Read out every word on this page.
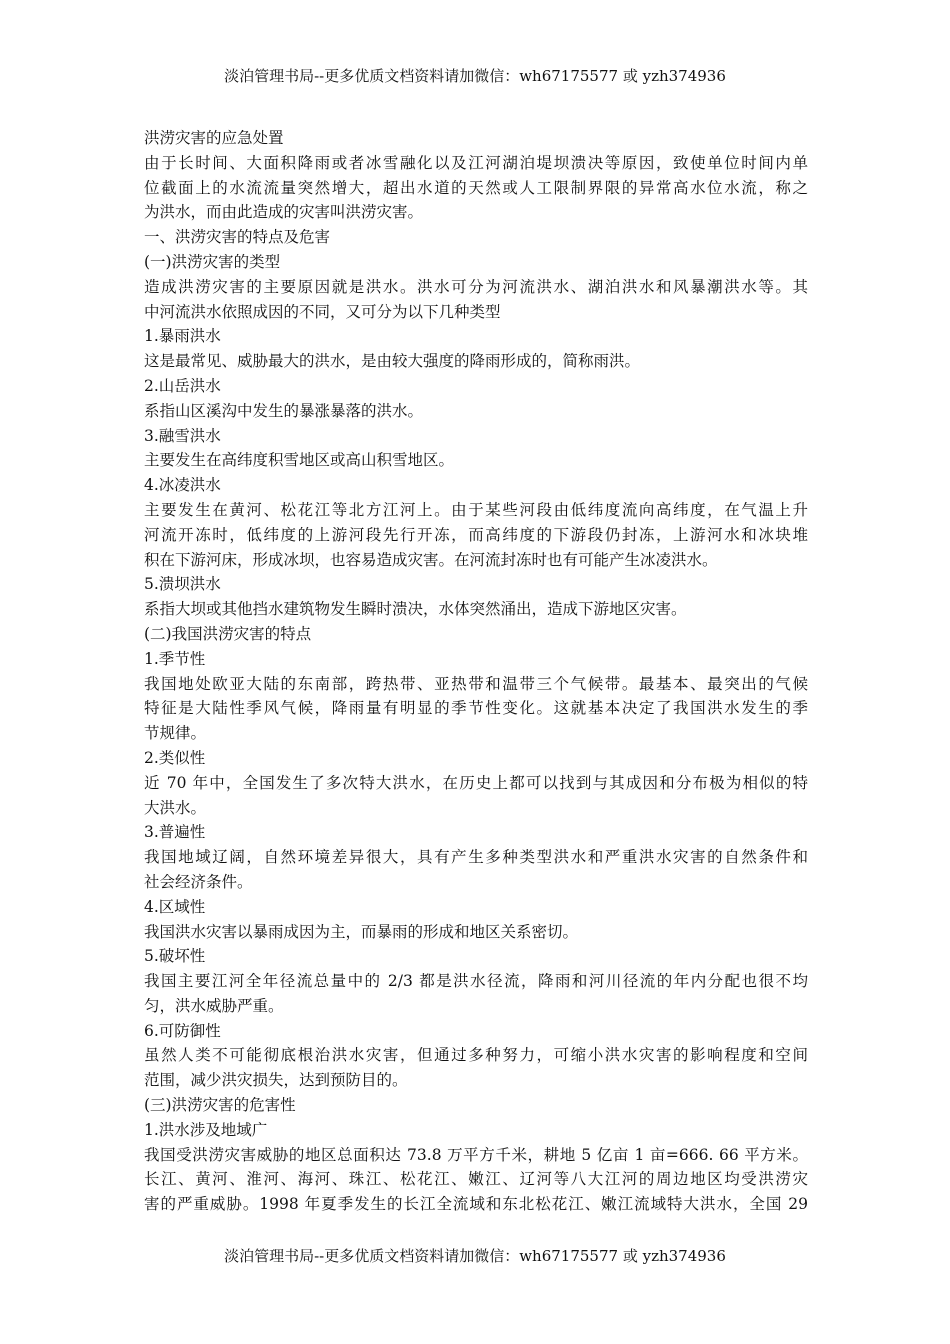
淡泊管理书局--更多优质文档资料请加微信：wh67175577 或 yzh374936
洪涝灾害的应急处置
由于长时间、大面积降雨或者冰雪融化以及江河湖泊堤坝溃决等原因，致使单位时间内单
位截面上的水流流量突然增大，超出水道的天然或人工限制界限的异常高水位水流，称之
为洪水，而由此造成的灾害叫洪涝灾害。
一、洪涝灾害的特点及危害
(一)洪涝灾害的类型
造成洪涝灾害的主要原因就是洪水。洪水可分为河流洪水、湖泊洪水和风暴潮洪水等。其
中河流洪水依照成因的不同，又可分为以下几种类型
1.暴雨洪水
这是最常见、威胁最大的洪水，是由较大强度的降雨形成的，简称雨洪。
2.山岳洪水
系指山区溪沟中发生的暴涨暴落的洪水。
3.融雪洪水
主要发生在高纬度积雪地区或高山积雪地区。
4.冰凌洪水
主要发生在黄河、松花江等北方江河上。由于某些河段由低纬度流向高纬度，在气温上升
河流开冻时，低纬度的上游河段先行开冻，而高纬度的下游段仍封冻，上游河水和冰块堆
积在下游河床，形成冰坝，也容易造成灾害。在河流封冻时也有可能产生冰凌洪水。
5.溃坝洪水
系指大坝或其他挡水建筑物发生瞬时溃决，水体突然涌出，造成下游地区灾害。
(二)我国洪涝灾害的特点
1.季节性
我国地处欧亚大陆的东南部，跨热带、亚热带和温带三个气候带。最基本、最突出的气候
特征是大陆性季风气候，降雨量有明显的季节性变化。这就基本决定了我国洪水发生的季
节规律。
2.类似性
近 70 年中，全国发生了多次特大洪水，在历史上都可以找到与其成因和分布极为相似的特
大洪水。
3.普遍性
我国地域辽阔，自然环境差异很大，具有产生多种类型洪水和严重洪水灾害的自然条件和
社会经济条件。
4.区域性
我国洪水灾害以暴雨成因为主，而暴雨的形成和地区关系密切。
5.破坏性
我国主要江河全年径流总量中的 2/3 都是洪水径流，降雨和河川径流的年内分配也很不均
匀，洪水威胁严重。
6.可防御性
虽然人类不可能彻底根治洪水灾害，但通过多种努力，可缩小洪水灾害的影响程度和空间
范围，减少洪灾损失，达到预防目的。
(三)洪涝灾害的危害性
1.洪水涉及地域广
我国受洪涝灾害威胁的地区总面积达 73.8 万平方千米，耕地 5 亿亩 1 亩=666. 66 平方米。
长江、黄河、淮河、海河、珠江、松花江、嫩江、辽河等八大江河的周边地区均受洪涝灾
害的严重威胁。1998 年夏季发生的长江全流域和东北松花江、嫩江流域特大洪水，全国 29
淡泊管理书局--更多优质文档资料请加微信：wh67175577 或 yzh374936
